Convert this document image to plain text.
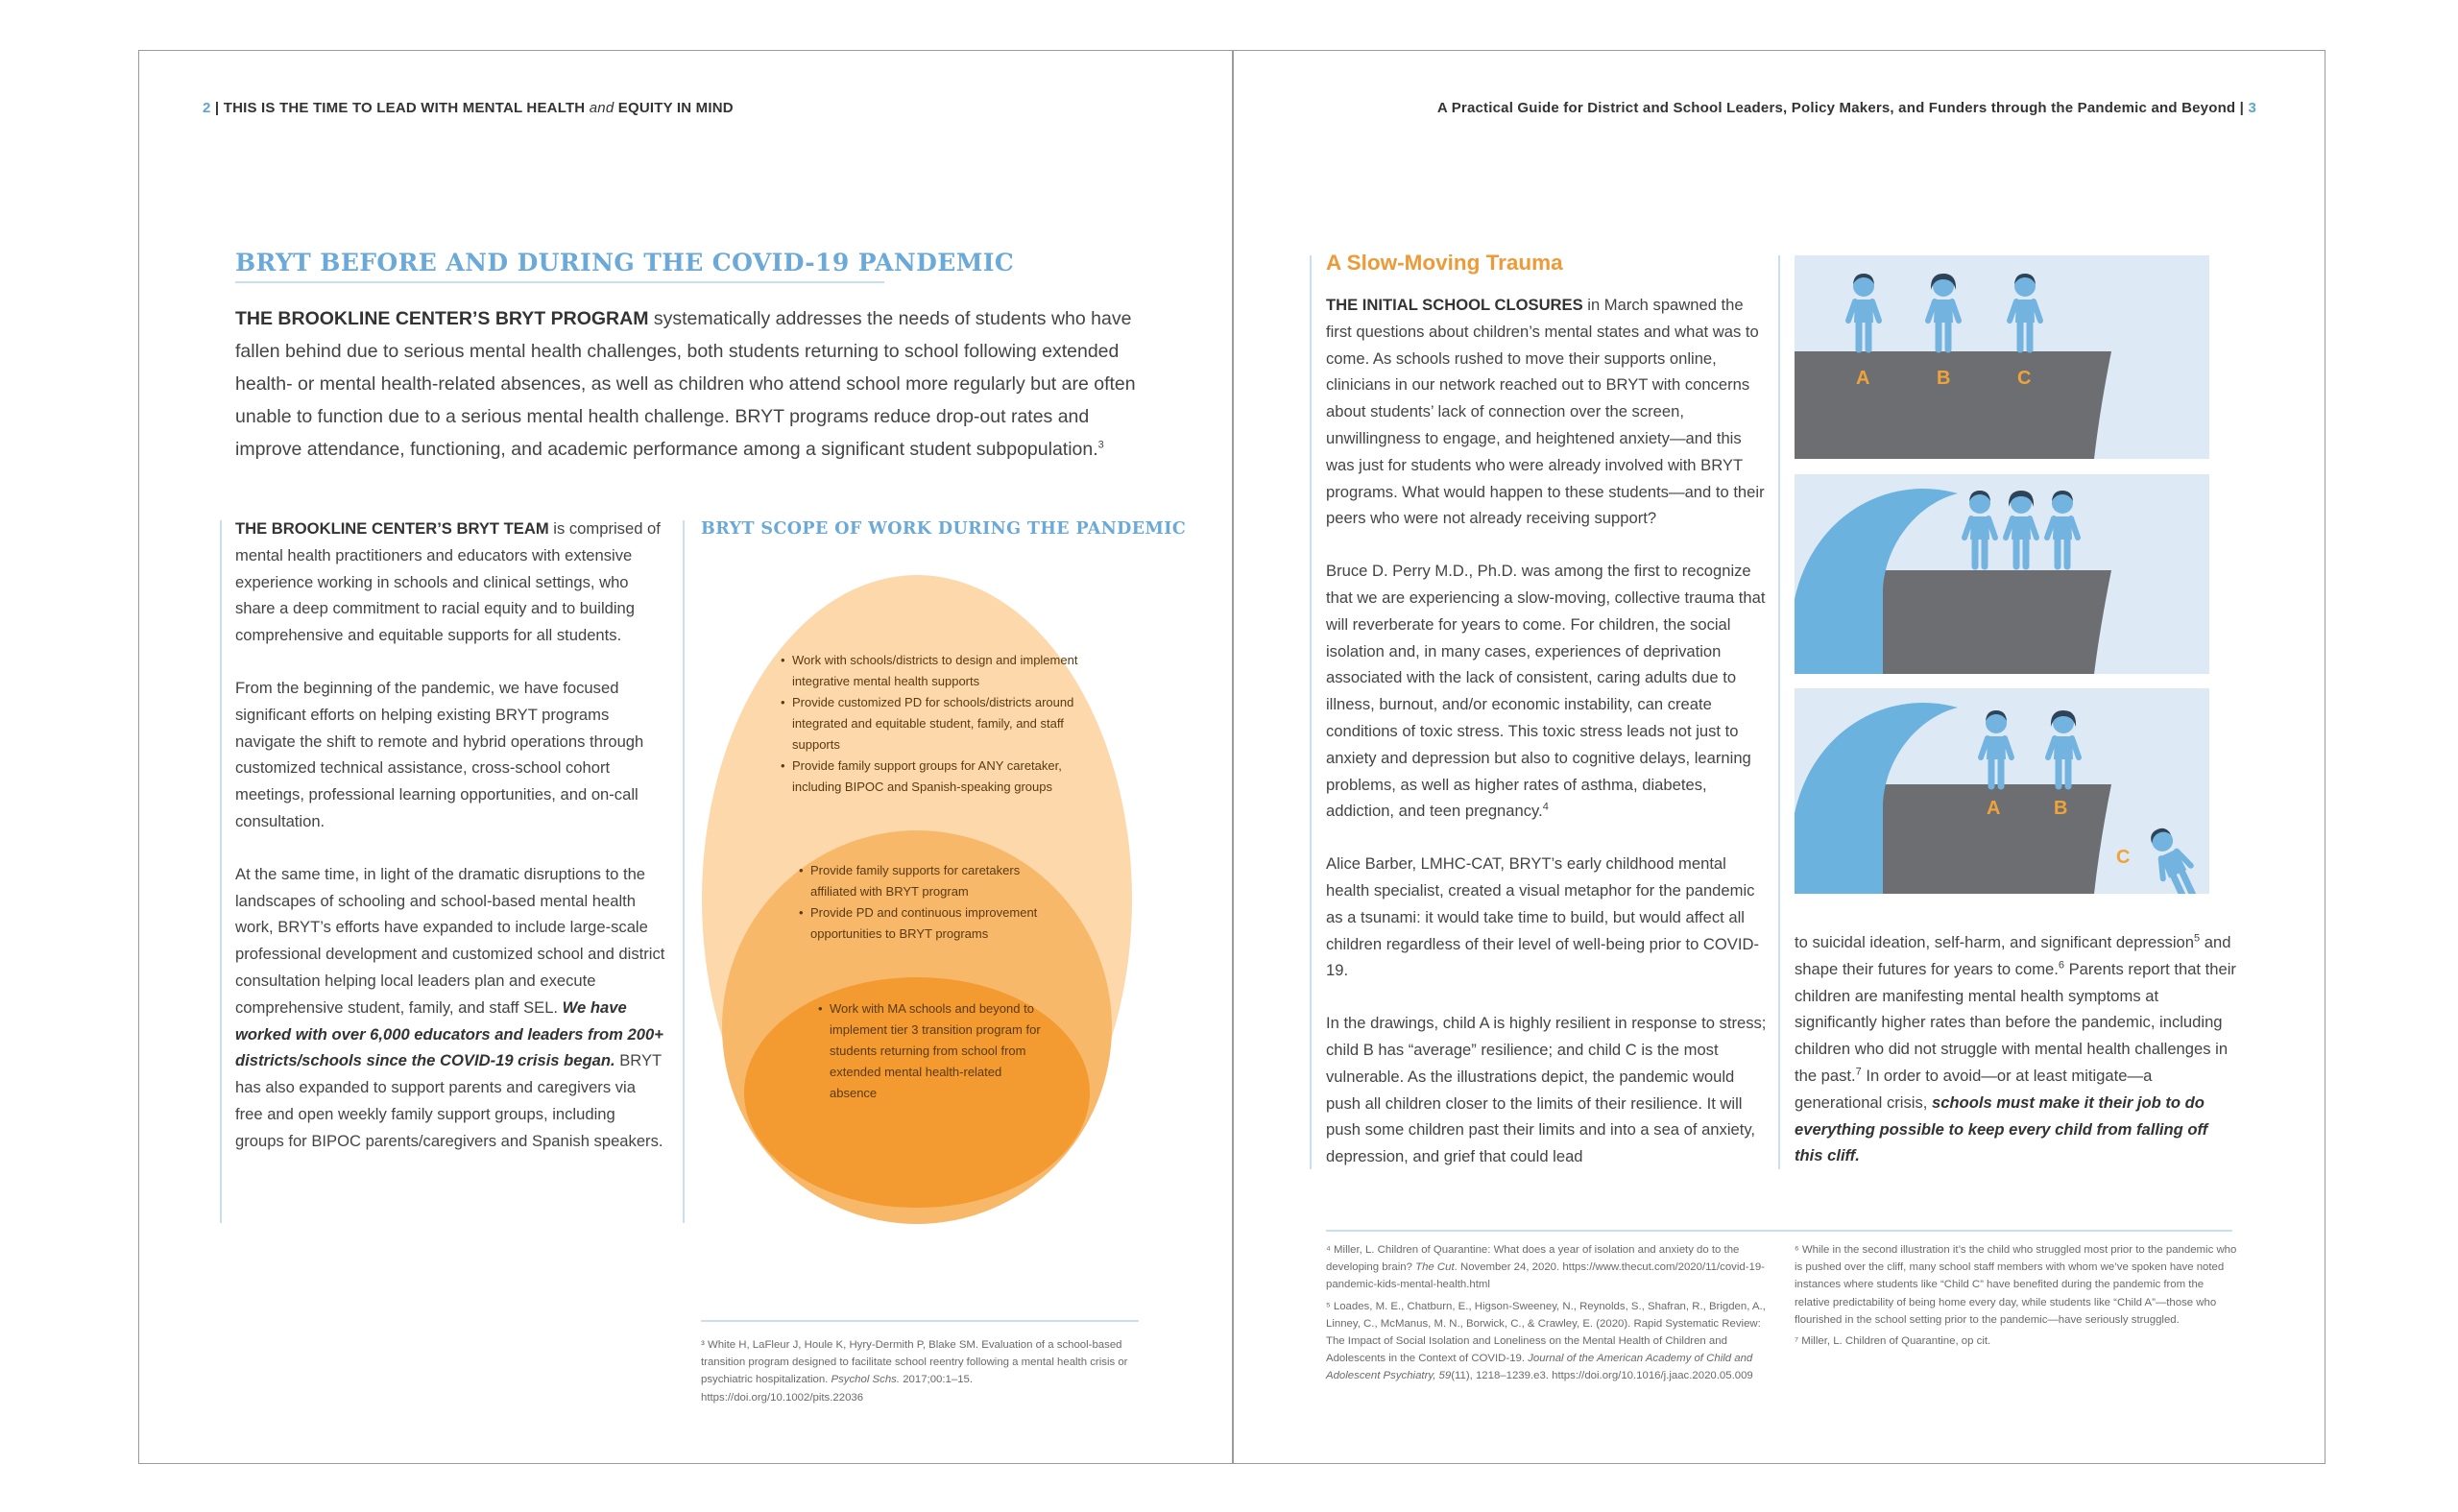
2 | THIS IS THE TIME TO LEAD WITH MENTAL HEALTH and EQUITY IN MIND
BRYT BEFORE AND DURING THE COVID-19 PANDEMIC
THE BROOKLINE CENTER’S BRYT PROGRAM systematically addresses the needs of students who have fallen behind due to serious mental health challenges, both students returning to school following extended health- or mental health-related absences, as well as children who attend school more regularly but are often unable to function due to a serious mental health challenge. BRYT programs reduce drop-out rates and improve attendance, functioning, and academic performance among a significant student subpopulation.$^3$

THE BROOKLINE CENTER’S BRYT TEAM is comprised of mental health practitioners and educators with extensive experience working in schools and clinical settings, who share a deep commitment to racial equity and to building comprehensive and equitable supports for all students.

From the beginning of the pandemic, we have focused significant efforts on helping existing BRYT programs navigate the shift to remote and hybrid operations through customized technical assistance, cross-school cohort meetings, professional learning opportunities, and on-call consultation.

At the same time, in light of the dramatic disruptions to the landscapes of schooling and school-based mental health work, BRYT’s efforts have expanded to include large-scale professional development and customized school and district consultation helping local leaders plan and execute comprehensive student, family, and staff SEL. We have worked with over 6,000 educators and leaders from 200+ districts/schools since the COVID-19 crisis began. BRYT has also expanded to support parents and caregivers via free and open weekly family support groups, including groups for BIPOC parents/caregivers and Spanish speakers.

BRYT SCOPE OF WORK DURING THE PANDEMIC
• Work with schools/districts to design and implement integrative mental health supports
• Provide customized PD for schools/districts around integrated and equitable student, family, and staff supports
• Provide family support groups for ANY caretaker, including BIPOC and Spanish-speaking groups
• Provide family supports for caretakers affiliated with BRYT program
• Provide PD and continuous improvement opportunities to BRYT programs
• Work with MA schools and beyond to implement tier 3 transition program for students returning from school from extended mental health-related absence
³ White H, LaFleur J, Houle K, Hyry-Dermith P, Blake SM. Evaluation of a school-based transition program designed to facilitate school reentry following a mental health crisis or psychiatric hospitalization. Psychol Schs. 2017;00:1–15. https://doi.org/10.1002/pits.22036
A Practical Guide for District and School Leaders, Policy Makers, and Funders through the Pandemic and Beyond | 3
A Slow-Moving Trauma

THE INITIAL SCHOOL CLOSURES in March spawned the first questions about children’s mental states and what was to come. As schools rushed to move their supports online, clinicians in our network reached out to BRYT with concerns about students’ lack of connection over the screen, unwillingness to engage, and heightened anxiety—and this was just for students who were already involved with BRYT programs. What would happen to these students—and to their peers who were not already receiving support?

Bruce D. Perry M.D., Ph.D. was among the first to recognize that we are experiencing a slow-moving, collective trauma that will reverberate for years to come. For children, the social isolation and, in many cases, experiences of deprivation associated with the lack of consistent, caring adults due to illness, burnout, and/or economic instability, can create conditions of toxic stress. This toxic stress leads not just to anxiety and depression but also to cognitive delays, learning problems, as well as higher rates of asthma, diabetes, addiction, and teen pregnancy.$^4$

Alice Barber, LMHC-CAT, BRYT’s early childhood mental health specialist, created a visual metaphor for the pandemic as a tsunami: it would take time to build, but would affect all children regardless of their level of well-being prior to COVID-19.

In the drawings, child A is highly resilient in response to stress; child B has “average” resilience; and child C is the most vulnerable. As the illustrations depict, the pandemic would push all children closer to the limits of their resilience. It will push some children past their limits and into a sea of anxiety, depression, and grief that could lead

A	B	C
A	B
C

to suicidal ideation, self-harm, and significant depression$^5$ and shape their futures for years to come.$^6$ Parents report that their children are manifesting mental health symptoms at significantly higher rates than before the pandemic, including children who did not struggle with mental health challenges in the past.$^7$ In order to avoid—or at least mitigate—a generational crisis, schools must make it their job to do everything possible to keep every child from falling off this cliff.

⁴ Miller, L. Children of Quarantine: What does a year of isolation and anxiety do to the developing brain? The Cut. November 24, 2020. https://www.thecut.com/2020/11/covid-19-pandemic-kids-mental-health.html

⁵ Loades, M. E., Chatburn, E., Higson-Sweeney, N., Reynolds, S., Shafran, R., Brigden, A., Linney, C., McManus, M. N., Borwick, C., & Crawley, E. (2020). Rapid Systematic Review: The Impact of Social Isolation and Loneliness on the Mental Health of Children and Adolescents in the Context of COVID-19. Journal of the American Academy of Child and Adolescent Psychiatry, 59(11), 1218–1239.e3. https://doi.org/10.1016/j.jaac.2020.05.009

⁶ While in the second illustration it’s the child who struggled most prior to the pandemic who is pushed over the cliff, many school staff members with whom we’ve spoken have noted instances where students like “Child C” have benefited during the pandemic from the relative predictability of being home every day, while students like “Child A”—those who flourished in the school setting prior to the pandemic—have seriously struggled.

⁷ Miller, L. Children of Quarantine, op cit.
